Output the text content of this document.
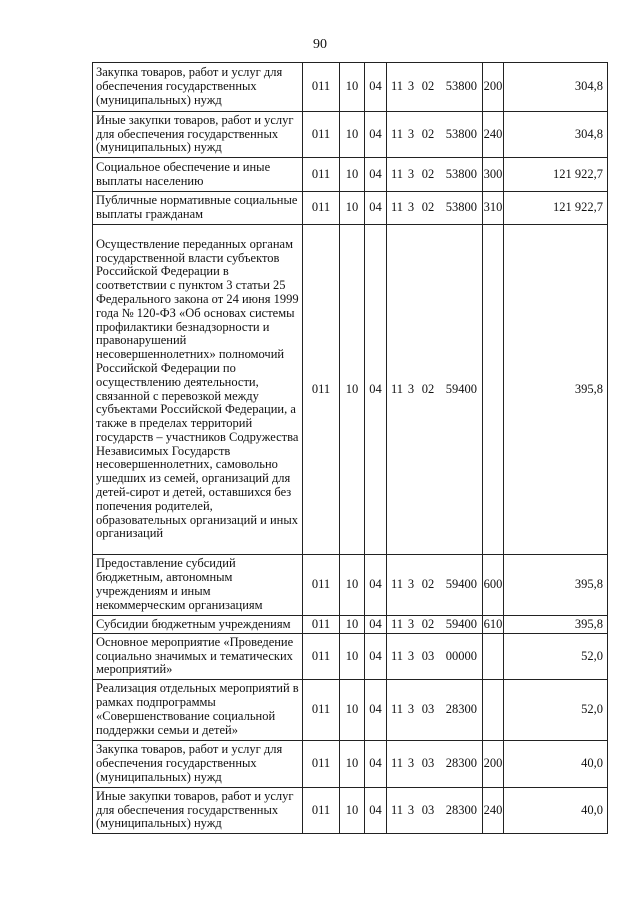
90
Закупка товаров, работ и услуг для обеспечения государственных (муниципальных) нужд	011	10	04	11 3 02 53800	200	304,8
Иные закупки товаров, работ и услуг для обеспечения государственных (муниципальных) нужд	011	10	04	11 3 02 53800	240	304,8
Социальное обеспечение и иные выплаты населению	011	10	04	11 3 02 53800	300	121 922,7
Публичные нормативные социальные выплаты гражданам	011	10	04	11 3 02 53800	310	121 922,7
Осуществление переданных органам государственной власти субъектов Российской Федерации в соответствии с пунктом 3 статьи 25 Федерального закона от 24 июня 1999 года № 120-ФЗ «Об основах системы профилактики безнадзорности и правонарушений несовершеннолетних» полномочий Российской Федерации по осуществлению деятельности, связанной с перевозкой между субъектами Российской Федерации, а также в пределах территорий государств – участников Содружества Независимых Государств несовершеннолетних, самовольно ушедших из семей, организаций для детей-сирот и детей, оставшихся без попечения родителей, образовательных организаций и иных организаций	011	10	04	11 3 02 59400		395,8
Предоставление субсидий бюджетным, автономным учреждениям и иным некоммерческим организациям	011	10	04	11 3 02 59400	600	395,8
Субсидии бюджетным учреждениям	011	10	04	11 3 02 59400	610	395,8
Основное мероприятие «Проведение социально значимых и тематических мероприятий»	011	10	04	11 3 03 00000		52,0
Реализация отдельных мероприятий в рамках подпрограммы «Совершенствование социальной поддержки семьи и детей»	011	10	04	11 3 03 28300		52,0
Закупка товаров, работ и услуг для обеспечения государственных (муниципальных) нужд	011	10	04	11 3 03 28300	200	40,0
Иные закупки товаров, работ и услуг для обеспечения государственных (муниципальных) нужд	011	10	04	11 3 03 28300	240	40,0
